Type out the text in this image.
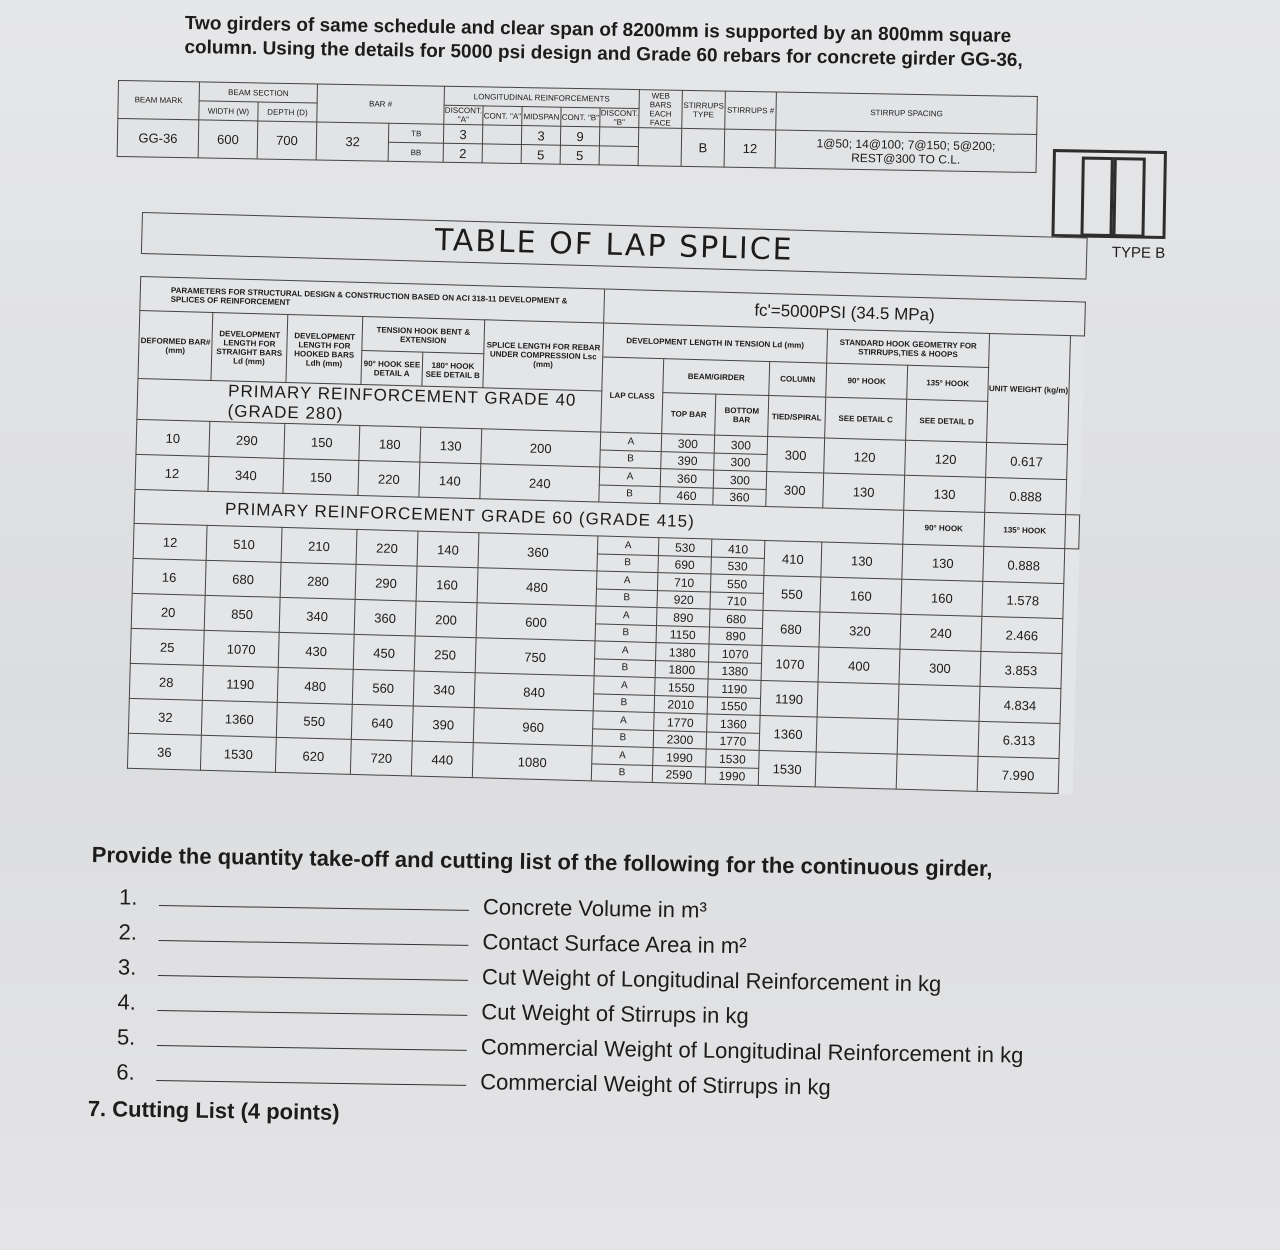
Two girders of same schedule and clear span of 8200mm is supported by an 800mm square
column. Using the details for 5000 psi design and Grade 60 rebars for concrete girder GG-36,
BEAM MARK	BEAM SECTION		BAR #		LONGITUDINAL REINFORCEMENTS					WEB BARS EACH FACE	STIRRUPS TYPE	STIRRUPS #	STIRRUP SPACING
	WIDTH (W)	DEPTH (D)			DISCONT. "A"	CONT. "A"	MIDSPAN	CONT. "B"	DISCONT. "B"				
GG-36	600	700	32	TB	3		3	9			B	12	1@50; 14@100; 7@150; 5@200;
REST@300 TO C.L.

				BB	2		5	5					
TYPE B
TABLE OF LAP SPLICE
PARAMETERS FOR STRUCTURAL DESIGN & CONSTRUCTION BASED ON ACI 318-11 DEVELOPMENT & SPLICES OF REINFORCEMENT						fc'=5000PSI (34.5 MPa)							
DEFORMED BAR# (mm)	DEVELOPMENT LENGTH FOR STRAIGHT BARS Ld (mm)	DEVELOPMENT LENGTH FOR HOOKED BARS Ldh (mm)	TENSION HOOK BENT & EXTENSION		SPLICE LENGTH FOR REBAR UNDER COMPRESSION Lsc (mm)	DEVELOPMENT LENGTH IN TENSION Ld (mm)				STANDARD HOOK GEOMETRY FOR STIRRUPS,TIES & HOOPS		UNIT WEIGHT (kg/m)	
			90° HOOK SEE DETAIL A	180° HOOK SEE DETAIL B		LAP CLASS	BEAM/GIRDER		COLUMN	90° HOOK	135° HOOK		
PRIMARY REINFORCEMENT GRADE 40 (GRADE 280)							TOP BAR	BOTTOM BAR	TIED/SPIRAL	SEE DETAIL C	SEE DETAIL D		
10	290	150	180	130	200	A	300	300	300	120	120	0.617	
						B	390	300					
12	340	150	220	140	240	A	360	300	300	130	130	0.888	
						B	460	360					
PRIMARY REINFORCEMENT GRADE 60 (GRADE 415)											90° HOOK	135° HOOK	
12	510	210	220	140	360	A	530	410	410	130	130	0.888	
						B	690	530					
16	680	280	290	160	480	A	710	550	550	160	160	1.578	
						B	920	710					
20	850	340	360	200	600	A	890	680	680	320	240	2.466	
						B	1150	890					
25	1070	430	450	250	750	A	1380	1070	1070	400	300	3.853	
						B	1800	1380					
28	1190	480	560	340	840	A	1550	1190	1190			4.834	
						B	2010	1550					
32	1360	550	640	390	960	A	1770	1360	1360			6.313	
						B	2300	1770					
36	1530	620	720	440	1080	A	1990	1530	1530			7.990	
						B	2590	1990					
Provide the quantity take-off and cutting list of the following for the continuous girder,
1.	Concrete Volume in m³
2.	Contact Surface Area in m²
3.	Cut Weight of Longitudinal Reinforcement in kg
4.	Cut Weight of Stirrups in kg
5.	Commercial Weight of Longitudinal Reinforcement in kg
6.	Commercial Weight of Stirrups in kg
7. Cutting List (4 points)
